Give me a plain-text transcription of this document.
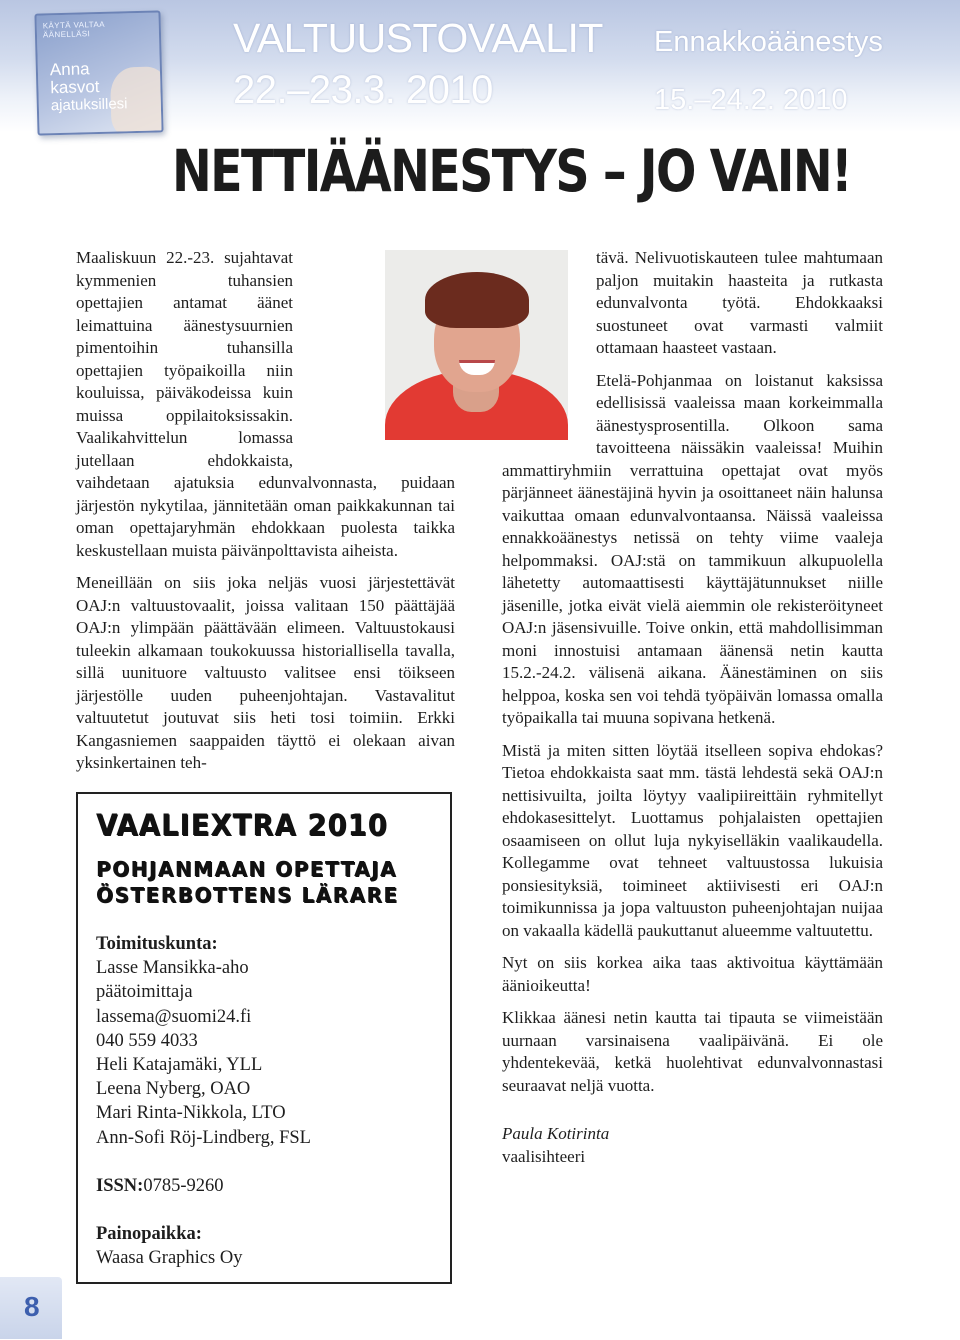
KÄYTÄ VALTAA ÄÄNELLÄSI
Anna
kasvot
ajatuksillesi
VALTUUSTOVAALIT
22.–23.3. 2010
Ennakkoäänestys
15.–24.2. 2010
NETTIÄÄNESTYS – JO VAIN!

Maaliskuun 22.-23. sujahtavat kymmenien tuhansien opettajien antamat äänet leimattuina äänestysuurnien pimentoihin tuhansilla opettajien työpaikoilla niin kouluissa, päiväkodeissa kuin muissa oppilaitoksissakin. Vaalikahvittelun lomassa jutellaan ehdokkaista, vaihdetaan ajatuksia edunvalvonnasta, puidaan järjestön nykytilaa, jännitetään oman paikkakunnan tai oman opettajaryhmän ehdokkaan puolesta taikka keskustellaan muista päivänpolttavista aiheista.

Meneillään on siis joka neljäs vuosi järjestettävät OAJ:n valtuustovaalit, joissa valitaan 150 päättäjää OAJ:n ylimpään päättävään elimeen. Valtuustokausi tuleekin alkamaan toukokuussa historiallisella tavalla, sillä uunituore valtuusto valitsee ensi töikseen järjestölle uuden puheenjohtajan. Vastavalitut valtuutetut joutuvat siis heti tosi toimiin. Erkki Kangasniemen saappaiden täyttö ei olekaan aivan yksinkertainen teh-

tävä. Nelivuotiskauteen tulee mahtumaan paljon muitakin haasteita ja rutkasta edunvalvonta työtä. Ehdokkaaksi suostuneet ovat varmasti valmiit ottamaan haasteet vastaan.

Etelä-Pohjanmaa on loistanut kaksissa edellisissä vaaleissa maan korkeimmalla äänestysprosentilla. Olkoon sama tavoitteena näissäkin vaaleissa! Muihin ammattiryhmiin verrattuina opettajat ovat myös pärjänneet äänestäjinä hyvin ja osoittaneet näin halunsa vaikuttaa omaan edunvalvontaansa. Näissä vaaleissa ennakkoäänestys netissä on tehty viime vaaleja helpommaksi. OAJ:stä on tammikuun alkupuolella lähetetty automaattisesti käyttäjätunnukset niille jäsenille, jotka eivät vielä aiemmin ole rekisteröityneet OAJ:n jäsensivuille. Toive onkin, että mahdollisimman moni innostuisi antamaan äänensä netin kautta 15.2.-24.2. välisenä aikana. Äänestäminen on siis helppoa, koska sen voi tehdä työpäivän lomassa omalla työpaikalla tai muuna sopivana hetkenä.

Mistä ja miten sitten löytää itselleen sopiva ehdokas? Tietoa ehdokkaista saat mm. tästä lehdestä sekä OAJ:n nettisivuilta, joilta löytyy vaalipiireittäin ryhmitellyt ehdokasesittelyt. Luottamus pohjalaisten opettajien osaamiseen on ollut luja nykyiselläkin vaalikaudella. Kollegamme ovat tehneet valtuustossa lukuisia ponsiesityksiä, toimineet aktiivisesti eri OAJ:n toimikunnissa ja jopa valtuuston puheenjohtajan nuijaa on vakaalla kädellä paukuttanut alueemme valtuutettu.

Nyt on siis korkea aika taas aktivoitua käyttämään äänioikeutta!

Klikkaa äänesi netin kautta tai tipauta se viimeistään uurnaan varsinaisena vaalipäivänä. Ei ole yhdentekevää, ketkä huolehtivat edunvalvonnastasi seuraavat neljä vuotta.

Paula Kotirinta
vaalisihteeri
VAALIEXTRA 2010
POHJANMAAN OPETTAJA
ÖSTERBOTTENS LÄRARE
Toimituskunta:
Lasse Mansikka-aho
päätoimittaja
lassema@suomi24.fi
040 559 4033
Heli Katajamäki, YLL
Leena Nyberg, OAO
Mari Rinta-Nikkola, LTO
Ann-Sofi Röj-Lindberg, FSL
ISSN:0785-9260
Painopaikka:
Waasa Graphics Oy
8
